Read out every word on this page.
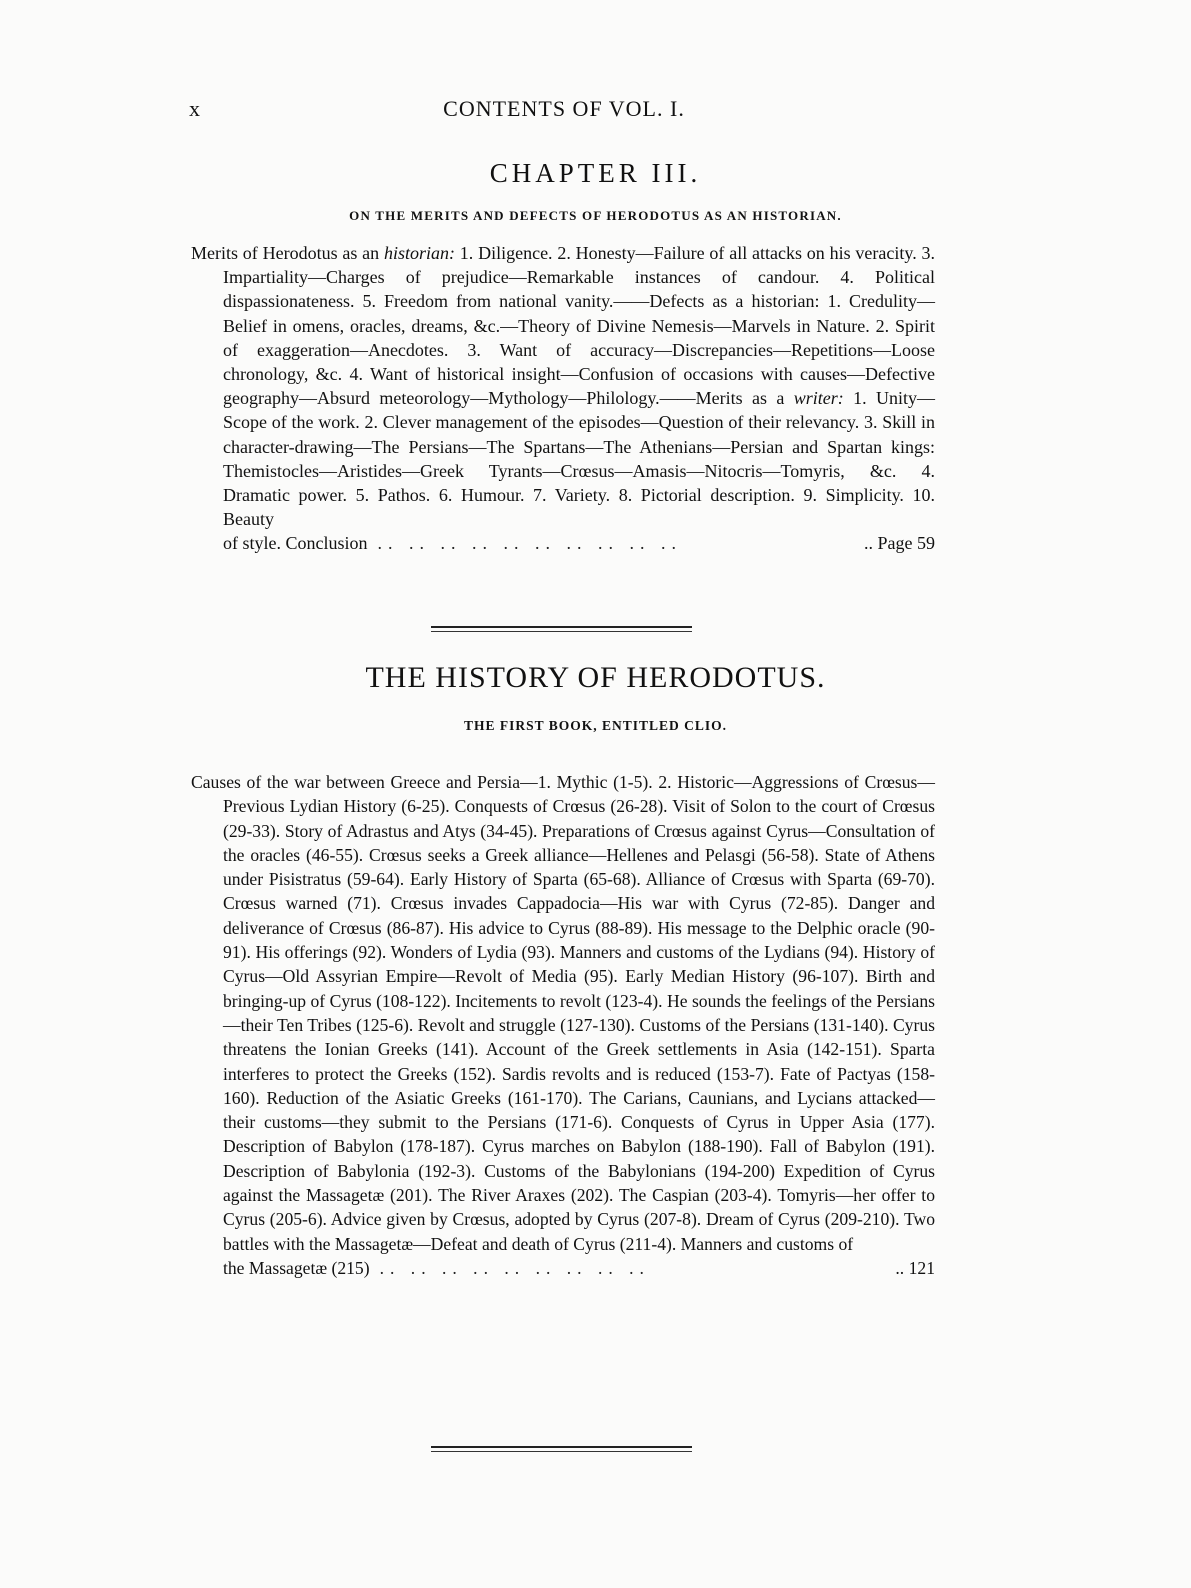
x	CONTENTS OF VOL. I.
CHAPTER III.
ON THE MERITS AND DEFECTS OF HERODOTUS AS AN HISTORIAN.
Merits of Herodotus as an historian: 1. Diligence. 2. Honesty—Failure of all attacks on his veracity. 3. Impartiality—Charges of prejudice—Remarkable instances of candour. 4. Political dispassionateness. 5. Freedom from national vanity.——Defects as a historian: 1. Credulity—Belief in omens, oracles, dreams, &c.—Theory of Divine Nemesis—Marvels in Nature. 2. Spirit of exaggeration—Anecdotes. 3. Want of accuracy—Discrepancies—Repetitions—Loose chronology, &c. 4. Want of historical insight—Confusion of occasions with causes—Defective geography—Absurd meteorology—Mythology—Philology.——Merits as a writer: 1. Unity—Scope of the work. 2. Clever management of the episodes—Question of their relevancy. 3. Skill in character-drawing—The Persians—The Spartans—The Athenians—Persian and Spartan kings: Themistocles—Aristides—Greek Tyrants—Crœsus—Amasis—Nitocris—Tomyris, &c. 4. Dramatic power. 5. Pathos. 6. Humour. 7. Variety. 8. Pictorial description. 9. Simplicity. 10. Beauty
of style. Conclusion .. .. .. .. .. .. .. .. .. ..	.. Page 59
THE HISTORY OF HERODOTUS.
THE FIRST BOOK, ENTITLED CLIO.
Causes of the war between Greece and Persia—1. Mythic (1-5). 2. Historic—Aggressions of Crœsus—Previous Lydian History (6-25). Conquests of Crœsus (26-28). Visit of Solon to the court of Crœsus (29-33). Story of Adrastus and Atys (34-45). Preparations of Crœsus against Cyrus—Consultation of the oracles (46-55). Crœsus seeks a Greek alliance—Hellenes and Pelasgi (56-58). State of Athens under Pisistratus (59-64). Early History of Sparta (65-68). Alliance of Crœsus with Sparta (69-70). Crœsus warned (71). Crœsus invades Cappadocia—His war with Cyrus (72-85). Danger and deliverance of Crœsus (86-87). His advice to Cyrus (88-89). His message to the Delphic oracle (90-91). His offerings (92). Wonders of Lydia (93). Manners and customs of the Lydians (94). History of Cyrus—Old Assyrian Empire—Revolt of Media (95). Early Median History (96-107). Birth and bringing-up of Cyrus (108-122). Incitements to revolt (123-4). He sounds the feelings of the Persians—their Ten Tribes (125-6). Revolt and struggle (127-130). Customs of the Persians (131-140). Cyrus threatens the Ionian Greeks (141). Account of the Greek settlements in Asia (142-151). Sparta interferes to protect the Greeks (152). Sardis revolts and is reduced (153-7). Fate of Pactyas (158-160). Reduction of the Asiatic Greeks (161-170). The Carians, Caunians, and Lycians attacked—their customs—they submit to the Persians (171-6). Conquests of Cyrus in Upper Asia (177). Description of Babylon (178-187). Cyrus marches on Babylon (188-190). Fall of Babylon (191). Description of Babylonia (192-3). Customs of the Babylonians (194-200) Expedition of Cyrus against the Massagetæ (201). The River Araxes (202). The Caspian (203-4). Tomyris—her offer to Cyrus (205-6). Advice given by Crœsus, adopted by Cyrus (207-8). Dream of Cyrus (209-210). Two battles with the Massagetæ—Defeat and death of Cyrus (211-4). Manners and customs of
the Massagetæ (215) .. .. .. .. .. .. .. .. ..	.. 121
